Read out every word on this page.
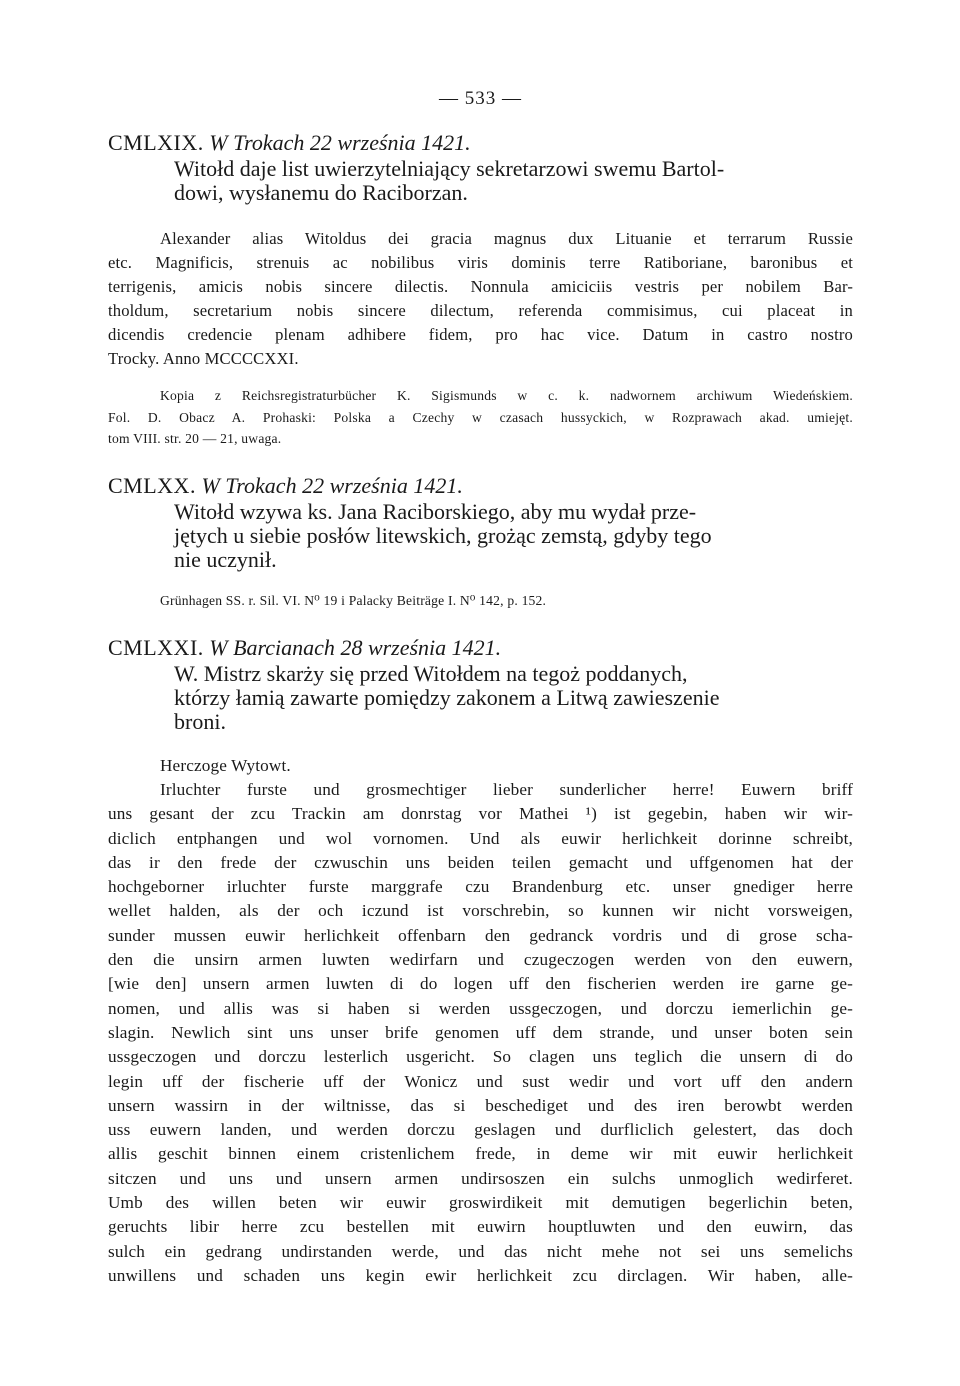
— 533 —
CMLXIX. W Trokach 22 września 1421.
Witołd daje list uwierzytelniający sekretarzowi swemu Bartol-
dowi, wysłanemu do Raciborzan.
Alexander alias Witoldus dei gracia magnus dux Lituanie et terrarum Russie
etc. Magnificis, strenuis ac nobilibus viris dominis terre Ratiboriane, baronibus et
terrigenis, amicis nobis sincere dilectis. Nonnula amiciciis vestris per nobilem Bar-
tholdum, secretarium nobis sincere dilectum, referenda commisimus, cui placeat in
dicendis credencie plenam adhibere fidem, pro hac vice. Datum in castro nostro
Trocky. Anno MCCCCXXI.
Kopia z Reichsregistraturbücher K. Sigismunds w c. k. nadwornem archiwum Wiedeńskiem.
Fol. D. Obacz A. Prohaski: Polska a Czechy w czasach hussyckich, w Rozprawach akad. umiejęt.
tom VIII. str. 20 — 21, uwaga.
CMLXX. W Trokach 22 września 1421.
Witołd wzywa ks. Jana Raciborskiego, aby mu wydał prze-
jętych u siebie posłów litewskich, grożąc zemstą, gdyby tego
nie uczynił.
Grünhagen SS. r. Sil. VI. N⁰ 19 i Palacky Beiträge I. N⁰ 142, p. 152.
CMLXXI. W Barcianach 28 września 1421.
W. Mistrz skarży się przed Witołdem na tegoż poddanych,
którzy łamią zawarte pomiędzy zakonem a Litwą zawieszenie
broni.
Herczoge Wytowt.
Irluchter furste und grosmechtiger lieber sunderlicher herre! Euwern briff
uns gesant der zcu Trackin am donrstag vor Mathei ¹) ist gegebin, haben wir wir-
diclich entphangen und wol vornomen. Und als euwir herlichkeit dorinne schreibt,
das ir den frede der czwuschin uns beiden teilen gemacht und uffgenomen hat der
hochgeborner irluchter furste marggrafe czu Brandenburg etc. unser gnediger herre
wellet halden, als der och iczund ist vorschrebin, so kunnen wir nicht vorsweigen,
sunder mussen euwir herlichkeit offenbarn den gedranck vordris und di grose scha-
den die unsirn armen luwten wedirfarn und czugeczogen werden von den euwern,
[wie den] unsern armen luwten di do logen uff den fischerien werden ire garne ge-
nomen, und allis was si haben si werden ussgeczogen, und dorczu iemerlichin ge-
slagin. Newlich sint uns unser brife genomen uff dem strande, und unser boten sein
ussgeczogen und dorczu lesterlich usgericht. So clagen uns teglich die unsern di do
legin uff der fischerie uff der Wonicz und sust wedir und vort uff den andern
unsern wassirn in der wiltnisse, das si beschediget und des iren berowbt werden
uss euwern landen, und werden dorczu geslagen und durfliclich gelestert, das doch
allis geschit binnen einem cristenlichem frede, in deme wir mit euwir herlichkeit
sitczen und uns und unsern armen undirsoszen ein sulchs unmoglich wedirferet.
Umb des willen beten wir euwir groswirdikeit mit demutigen begerlichin beten,
geruchts libir herre zcu bestellen mit euwirn houptluwten und den euwirn, das
sulch ein gedrang undirstanden werde, und das nicht mehe not sei uns semelichs
unwillens und schaden uns kegin ewir herlichkeit zcu dirclagen. Wir haben, alle-
